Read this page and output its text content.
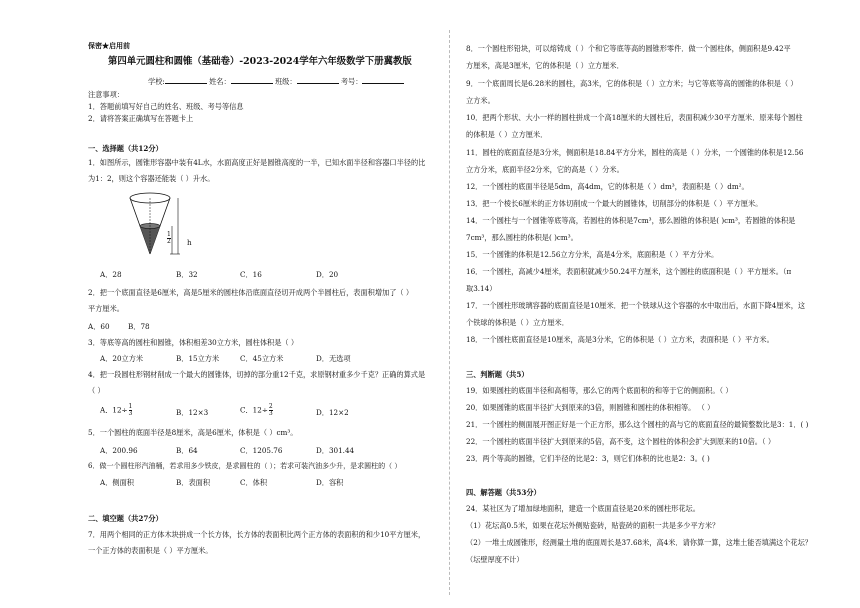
保密★启用前
第四单元圆柱和圆锥（基础卷）-2023-2024学年六年级数学下册冀教版
学校:	姓名：	班级：	考号：
注意事项：
1．答题前填写好自己的姓名、班级、考号等信息
2．请将答案正确填写在答题卡上
一、选择题（共12分）
1．如图所示，圆锥形容器中装有4L水，水面高度正好是圆锥高度的一半，已知水面半径和容器口半径的比
为1：2，则这个容器还能装（ ）升水。
h
$\frac{1}{2}$
A．28	B．32	C．16	D．20
2．把一个底面直径是6厘米，高是5厘米的圆柱体沿底面直径切开成两个半圆柱后，表面积增加了（ ）
平方厘米。
A．60	B．78
3．等底等高的圆柱和圆锥，体积相差30立方米，圆柱体积是（ ）
A．20立方米	B．15立方米	C．45立方米	D．无选项
4．把一段圆柱形钢材削成一个最大的圆锥体，切掉的部分重12千克，求原钢材重多少千克？正确的算式是
（ ）
A．$12\div \frac{1}{3}$	B．12×3	C．$12\div \frac{2}{3}$	D．12×2
5．一个圆柱的底面半径是8厘米，高是6厘米，体积是（ ）cm³。
A．200.96	B．64	C．1205.76	D．301.44
6．做一个圆柱形汽油桶，若求用多少铁皮，是求圆柱的（ ）；若求可装汽油多少升，是求圆柱的（ ）
A．侧面积	B．表面积	C．体积	D．容积
二、填空题（共27分）
7．用两个相同的正方体木块拼成一个长方体，长方体的表面积比两个正方体的表面积的和少10平方厘米，
一个正方体的表面积是（ ）平方厘米。
8．一个圆柱形铅块，可以熔铸成（ ）个和它等底等高的圆锥形零件．做一个圆柱体，侧面积是9.42平
方厘米，高是3厘米，它的体积是（ ）立方厘米．
9．一个底面周长是6.28米的圆柱，高3米，它的体积是（ ）立方米；与它等底等高的圆锥的体积是（ ）
立方米。
10．把两个形状、大小一样的圆柱拼成一个高18厘米的大圆柱后，表面积减少30平方厘米．原来每个圆柱
的体积是（ ）立方厘米．
11．圆柱的底面直径是3分米，侧面积是18.84平方分米，圆柱的高是（ ）分米，一个圆锥的体积是12.56
立方分米，底面半径2分米，它的高是（ ）分米。
12．一个圆柱的底面半径是5dm，高4dm，它的体积是（ ）dm³，表面积是（ ）dm²。
13．把一个棱长6厘米的正方体切削成一个最大的圆锥体，切削部分的体积是（ ）平方厘米。
14．一个圆柱与一个圆锥等底等高，若圆柱的体积是7cm³，那么圆锥的体积是( )cm³，若圆锥的体积是
7cm³，那么圆柱的体积是( )cm³。
15．一个圆锥的体积是12.56立方分米，高是4分米，底面积是（ ）平方分米。
16．一个圆柱，高减少4厘米，表面积就减少50.24平方厘米，这个圆柱的底面积是（ ）平方厘米。（π
取3.14）
17．一个圆柱形玻璃容器的底面直径是10厘米．把一个铁球从这个容器的水中取出后，水面下降4厘米，这
个铁球的体积是（ ）立方厘米．
18．一个圆柱底面直径是10厘米，高是3分米，它的体积是（ ）立方米，表面积是（ ）平方米。
三、判断题（共5）
19．如果圆柱的底面半径和高相等，那么它的两个底面积的和等于它的侧面积。（ ）
20．如果圆锥的底面半径扩大到原来的3倍，则圆锥和圆柱的体积相等。 （ ）
21．一个圆柱的侧面展开图正好是一个正方形，那么这个圆柱的高与它的底面直径的最简整数比是3：1．( )
22．一个圆柱的底面半径扩大到原来的5倍，高不变，这个圆柱的体积会扩大到原来的10倍。（ ）
23．两个等高的圆锥，它们半径的比是2：3，则它们体积的比也是2：3。( )
四、解答题（共53分）
24．某社区为了增加绿地面积，建造一个底面直径是20米的圆柱形花坛。
（1）花坛高0.5米，如果在花坛外侧贴瓷砖，贴瓷砖的面积一共是多少平方米？
（2）一堆土成圆锥形，经测量土堆的底面周长是37.68米，高4米．请你算一算，这堆土能否填满这个花坛？
（坛壁厚度不计）
